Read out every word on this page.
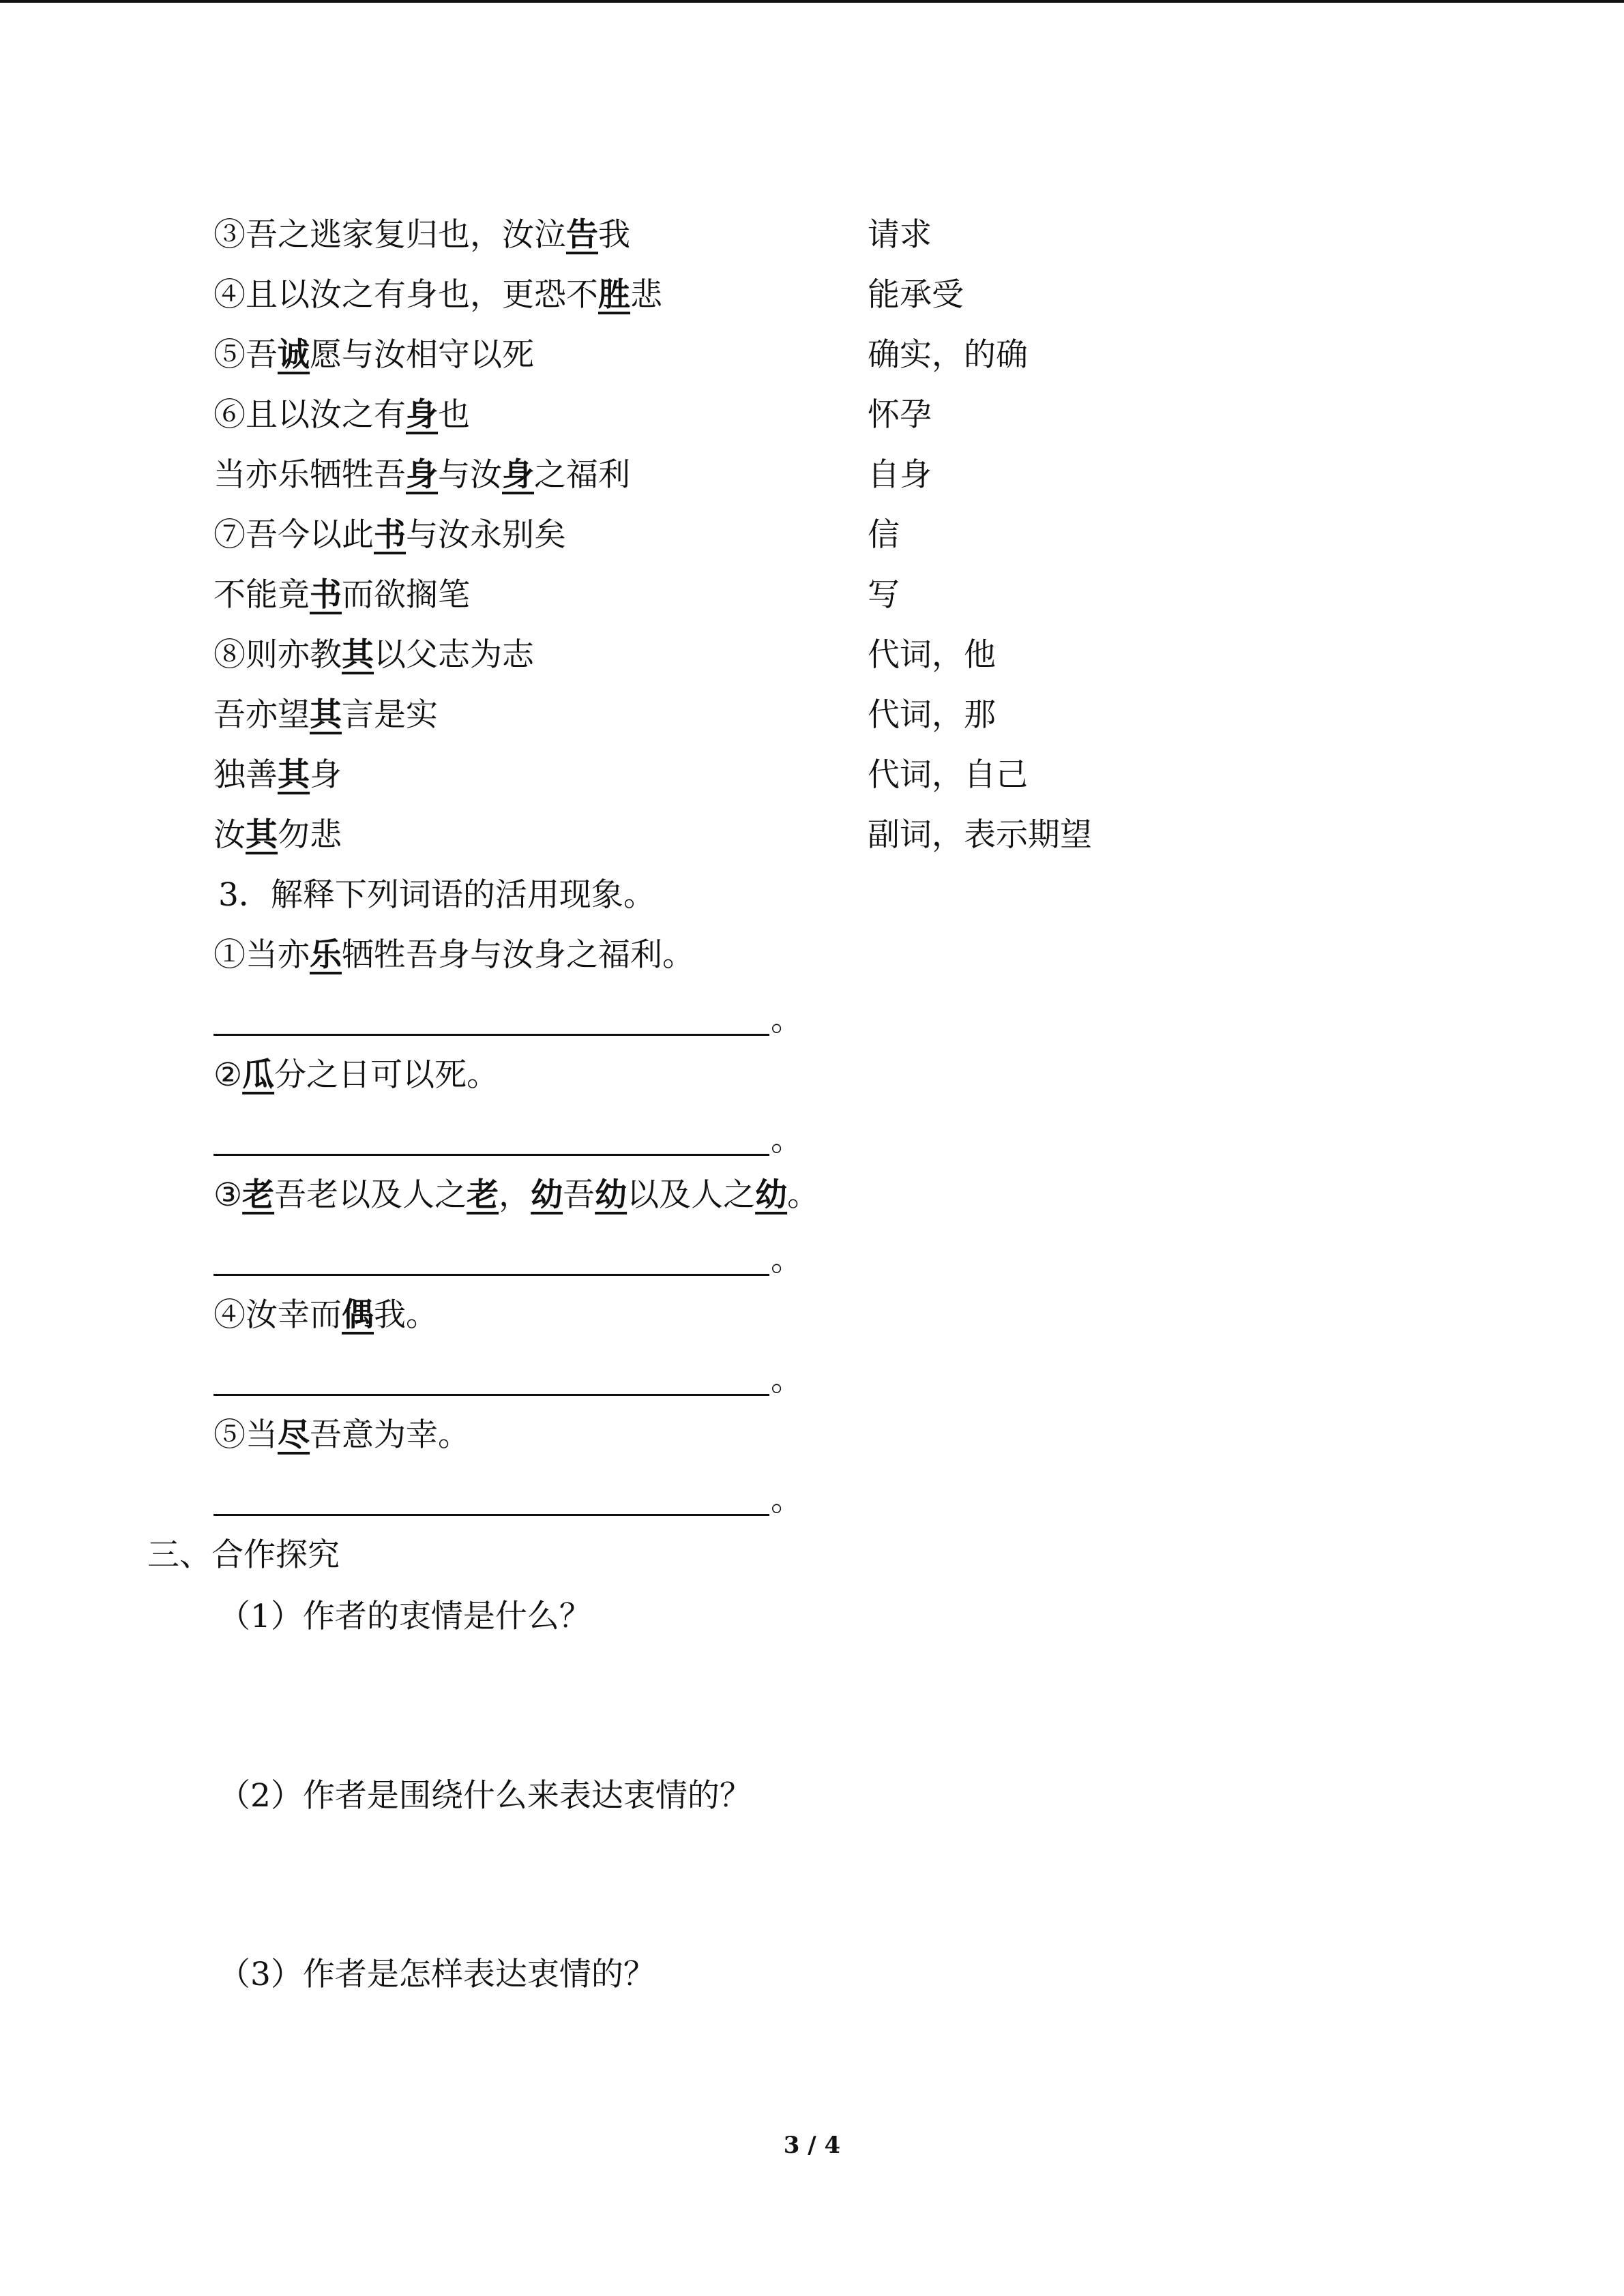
③吾之逃家复归也，汝泣告我	请求
④且以汝之有身也，更恐不胜悲	能承受
⑤吾诚愿与汝相守以死	确实，的确
⑥且以汝之有身也	怀孕
当亦乐牺牲吾身与汝身之福利	自身
⑦吾今以此书与汝永别矣	信
不能竟书而欲搁笔	写
⑧则亦教其以父志为志	代词，他
吾亦望其言是实	代词，那
独善其身	代词，自己
汝其勿悲	副词，表示期望
3．解释下列词语的活用现象。
①当亦乐牺牲吾身与汝身之福利。
。
②瓜分之日可以死。
。
③老吾老以及人之老，幼吾幼以及人之幼。
。
④汝幸而偶我。
。
⑤当尽吾意为幸。
。
三、合作探究
（1）作者的衷情是什么？
（2）作者是围绕什么来表达衷情的？
（3）作者是怎样表达衷情的？
3 / 4
